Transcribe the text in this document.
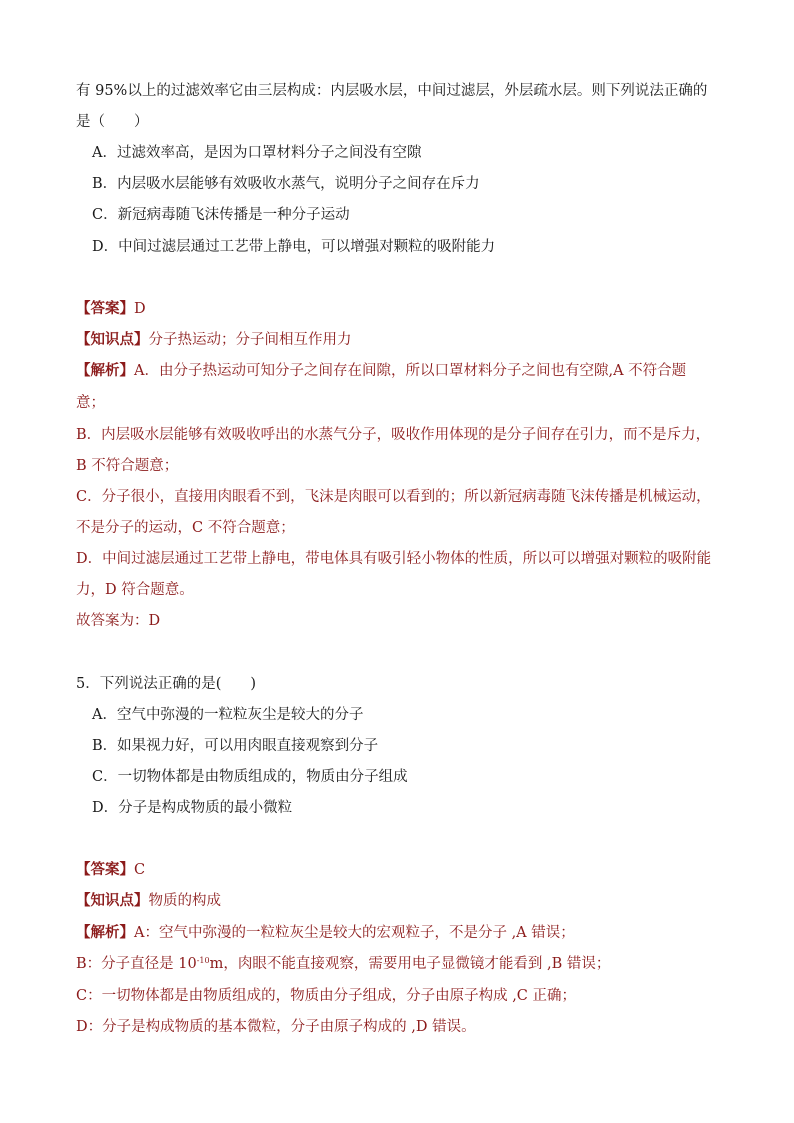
有 95%以上的过滤效率它由三层构成：内层吸水层，中间过滤层，外层疏水层。则下列说法正确的
是（　　）
A．过滤效率高，是因为口罩材料分子之间没有空隙
B．内层吸水层能够有效吸收水蒸气，说明分子之间存在斥力
C．新冠病毒随飞沫传播是一种分子运动
D．中间过滤层通过工艺带上静电，可以增强对颗粒的吸附能力
【答案】D
【知识点】分子热运动；分子间相互作用力
【解析】A．由分子热运动可知分子之间存在间隙，所以口罩材料分子之间也有空隙,A 不符合题
意；
B．内层吸水层能够有效吸收呼出的水蒸气分子，吸收作用体现的是分子间存在引力，而不是斥力，
B 不符合题意；
C．分子很小，直接用肉眼看不到，飞沫是肉眼可以看到的；所以新冠病毒随飞沫传播是机械运动，
不是分子的运动，C 不符合题意；
D．中间过滤层通过工艺带上静电，带电体具有吸引轻小物体的性质，所以可以增强对颗粒的吸附能
力，D 符合题意。
故答案为：D
5．下列说法正确的是(　　)
A．空气中弥漫的一粒粒灰尘是较大的分子
B．如果视力好，可以用肉眼直接观察到分子
C．一切物体都是由物质组成的，物质由分子组成
D．分子是构成物质的最小微粒
【答案】C
【知识点】物质的构成
【解析】A：空气中弥漫的一粒粒灰尘是较大的宏观粒子，不是分子 ,A 错误；
B：分子直径是 $10^{-10}m$，肉眼不能直接观察，需要用电子显微镜才能看到 ,B 错误；
C：一切物体都是由物质组成的，物质由分子组成，分子由原子构成 ,C 正确；
D：分子是构成物质的基本微粒，分子由原子构成的 ,D 错误。
